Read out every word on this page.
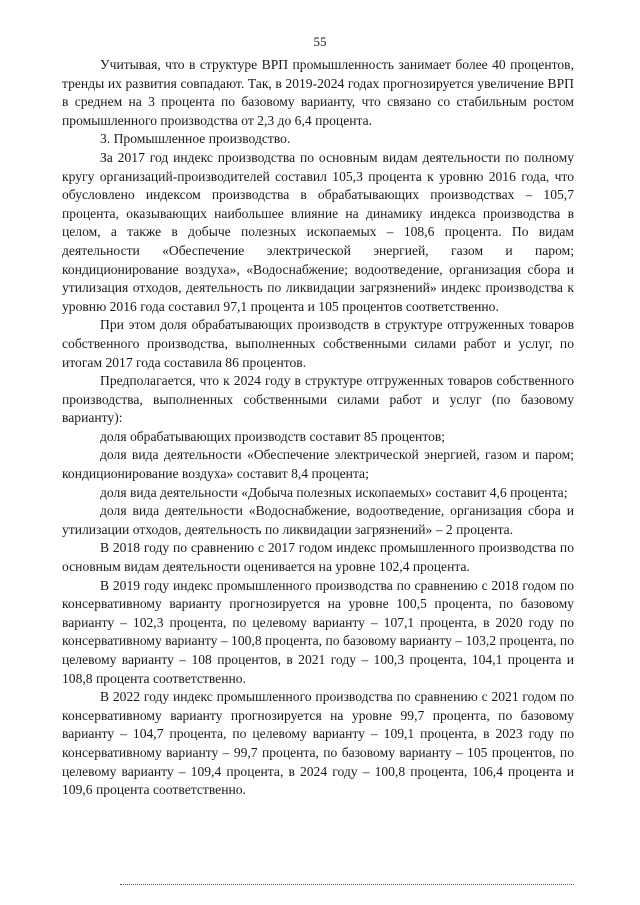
55

Учитывая, что в структуре ВРП промышленность занимает более 40 процентов, тренды их развития совпадают. Так, в 2019-2024 годах прогнозируется увеличение ВРП в среднем на 3 процента по базовому варианту, что связано со стабильным ростом промышленного производства от 2,3 до 6,4 процента.

3. Промышленное производство.

За 2017 год индекс производства по основным видам деятельности по полному кругу организаций-производителей составил 105,3 процента к уровню 2016 года, что обусловлено индексом производства в обрабатывающих производствах – 105,7 процента, оказывающих наибольшее влияние на динамику индекса производства в целом, а также в добыче полезных ископаемых – 108,6 процента. По видам деятельности «Обеспечение электрической энергией, газом и паром; кондиционирование воздуха», «Водоснабжение; водоотведение, организация сбора и утилизация отходов, деятельность по ликвидации загрязнений» индекс производства к уровню 2016 года составил 97,1 процента и 105 процентов соответственно.

При этом доля обрабатывающих производств в структуре отгруженных товаров собственного производства, выполненных собственными силами работ и услуг, по итогам 2017 года составила 86 процентов.

Предполагается, что к 2024 году в структуре отгруженных товаров собственного производства, выполненных собственными силами работ и услуг (по базовому варианту):

доля обрабатывающих производств составит 85 процентов;

доля вида деятельности «Обеспечение электрической энергией, газом и паром; кондиционирование воздуха» составит 8,4 процента;

доля вида деятельности «Добыча полезных ископаемых» составит 4,6 процента;

доля вида деятельности «Водоснабжение, водоотведение, организация сбора и утилизации отходов, деятельность по ликвидации загрязнений» – 2 процента.

В 2018 году по сравнению с 2017 годом индекс промышленного производства по основным видам деятельности оценивается на уровне 102,4 процента.

В 2019 году индекс промышленного производства по сравнению с 2018 годом по консервативному варианту прогнозируется на уровне 100,5 процента, по базовому варианту – 102,3 процента, по целевому варианту – 107,1 процента, в 2020 году по консервативному варианту – 100,8 процента, по базовому варианту – 103,2 процента, по целевому варианту – 108 процентов, в 2021 году – 100,3 процента, 104,1 процента и 108,8 процента соответственно.

В 2022 году индекс промышленного производства по сравнению с 2021 годом по консервативному варианту прогнозируется на уровне 99,7 процента, по базовому варианту – 104,7 процента, по целевому варианту – 109,1 процента, в 2023 году по консервативному варианту – 99,7 процента, по базовому варианту – 105 процентов, по целевому варианту – 109,4 процента, в 2024 году – 100,8 процента, 106,4 процента и 109,6 процента соответственно.
